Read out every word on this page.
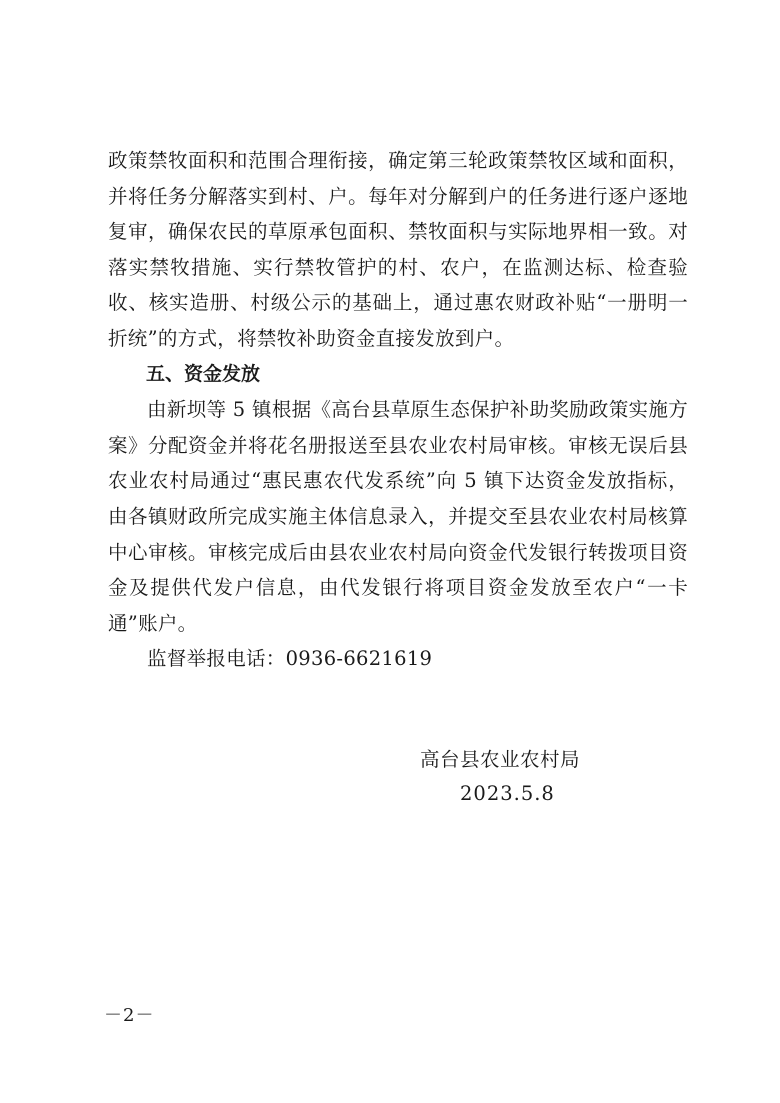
政策禁牧面积和范围合理衔接，确定第三轮政策禁牧区域和面积，并将任务分解落实到村、户。每年对分解到户的任务进行逐户逐地复审，确保农民的草原承包面积、禁牧面积与实际地界相一致。对落实禁牧措施、实行禁牧管护的村、农户，在监测达标、检查验收、核实造册、村级公示的基础上，通过惠农财政补贴“一册明一折统”的方式，将禁牧补助资金直接发放到户。

五、资金发放

由新坝等 5 镇根据《高台县草原生态保护补助奖励政策实施方案》分配资金并将花名册报送至县农业农村局审核。审核无误后县农业农村局通过“惠民惠农代发系统”向 5 镇下达资金发放指标，由各镇财政所完成实施主体信息录入，并提交至县农业农村局核算中心审核。审核完成后由县农业农村局向资金代发银行转拨项目资金及提供代发户信息，由代发银行将项目资金发放至农户“一卡通”账户。

监督举报电话：0936-6621619

高台县农业农村局

2023.5.8

－2－
